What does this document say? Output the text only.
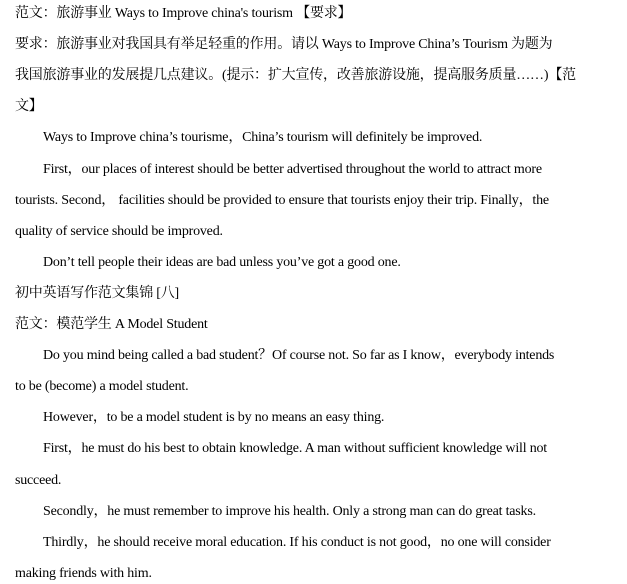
范文：旅游事业 Ways to Improve china's tourism 【要求】
要求：旅游事业对我国具有举足轻重的作用。请以 Ways to Improve China’s Tourism 为题为
我国旅游事业的发展提几点建议。(提示：扩大宣传，改善旅游设施，提高服务质量……)【范
文】
Ways to Improve china’s tourisme，China’s tourism will definitely be improved.
First，our places of interest should be better advertised throughout the world to attract more
tourists. Second， facilities should be provided to ensure that tourists enjoy their trip. Finally，the
quality of service should be improved.
Don’t tell people their ideas are bad unless you’ve got a good one.
初中英语写作范文集锦 [八]
范文：模范学生 A Model Student
Do you mind being called a bad student？Of course not. So far as I know，everybody intends
to be (become) a model student.
However，to be a model student is by no means an easy thing.
First，he must do his best to obtain knowledge. A man without sufficient knowledge will not
succeed.
Secondly，he must remember to improve his health. Only a strong man can do great tasks.
Thirdly，he should receive moral education. If his conduct is not good，no one will consider
making friends with him.
